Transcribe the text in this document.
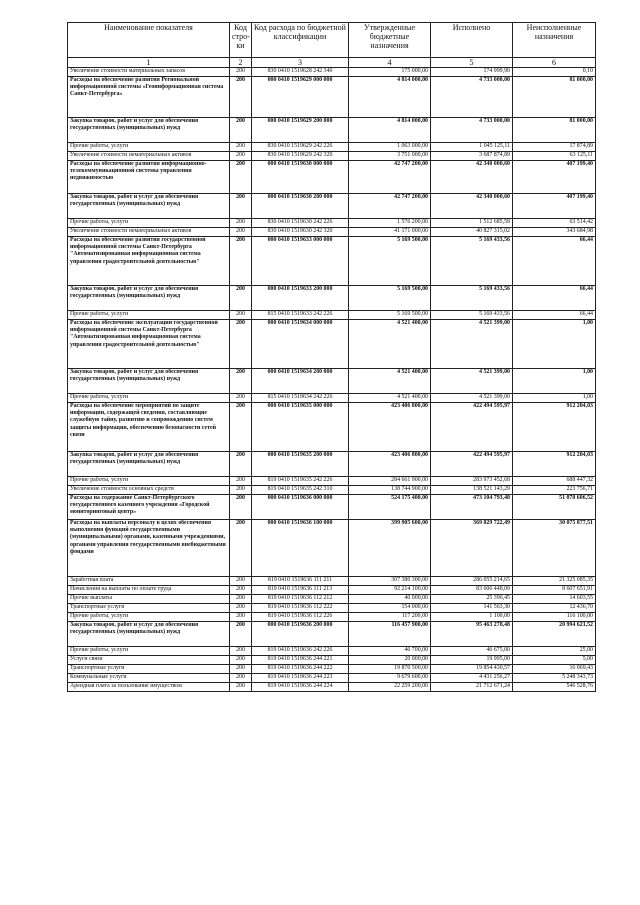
Наименование показателя	Код стро-ки	Код расхода по бюджетной классификации	Утвержденные бюджетные назначения	Исполнено	Неисполненные назначения
1	2	3	4	5	6
Увеличение стоимости материальных запасов	200	830 0410 1519628 242 340	175 000,00	174 999,90	0,10
Расходы на обеспечение развития Региональной информационной системы «Геоинформационная система Санкт-Петербурга»	200	000 0410 1519629 000 000	4 814 000,00	4 733 000,00	81 000,00
Закупка товаров, работ и услуг для обеспечения государственных (муниципальных) нужд	200	000 0410 1519629 200 000	4 814 000,00	4 733 000,00	81 000,00
Прочие работы, услуги	200	830 0410 1519629 242 226	1 063 000,00	1 045 125,11	17 874,89
Увеличение стоимости нематериальных активов	200	830 0410 1519629 242 320	3 751 000,00	3 687 874,89	63 125,11
Расходы на обеспечение развития информационно-телекоммуникационной системы управления недвижимостью	200	000 0410 1519630 000 000	42 747 200,00	42 340 000,60	407 199,40
Закупка товаров, работ и услуг для обеспечения государственных (муниципальных) нужд	200	000 0410 1519630 200 000	42 747 200,00	42 340 000,60	407 199,40
Прочие работы, услуги	200	830 0410 1519630 242 226	1 576 200,00	1 512 685,58	63 514,42
Увеличение стоимости нематериальных активов	200	830 0410 1519630 242 320	41 171 000,00	40 827 315,02	343 684,98
Расходы на обеспечение развития государственной информационной системы Санкт-Петербурга "Автоматизированная информационная система управления градостроительной деятельностью"	200	000 0410 1519633 000 000	5 169 500,00	5 169 433,56	66,44
Закупка товаров, работ и услуг для обеспечения государственных (муниципальных) нужд	200	000 0410 1519633 200 000	5 169 500,00	5 169 433,56	66,44
Прочие работы, услуги	200	815 0410 1519633 242 226	5 169 500,00	5 169 433,56	66,44
Расходы на обеспечение эксплуатации государственной информационной системы Санкт-Петербурга "Автоматизированная информационная система управления градостроительной деятельностью"	200	000 0410 1519634 000 000	4 521 400,00	4 521 399,00	1,00
Закупка товаров, работ и услуг для обеспечения государственных (муниципальных) нужд	200	000 0410 1519634 200 000	4 521 400,00	4 521 399,00	1,00
Прочие работы, услуги	200	815 0410 1519634 242 226	4 521 400,00	4 521 399,00	1,00
Расходы на обеспечение мероприятий по защите информации, содержащей сведения, составляющие служебную тайну, развитию и сопровождению систем защиты информации, обеспечению безопасности сетей связи	200	000 0410 1519635 000 000	423 406 800,00	422 494 595,97	912 204,03
Закупка товаров, работ и услуг для обеспечения государственных (муниципальных) нужд	200	000 0410 1519635 200 000	423 406 800,00	422 494 595,97	912 204,03
Прочие работы, услуги	200	819 0410 1519635 242 226	284 661 900,00	283 973 452,68	688 447,32
Увеличение стоимости основных средств	200	819 0410 1519635 242 310	138 744 900,00	138 521 143,29	223 756,71
Расходы на содержание Санкт-Петербургского государственного казенного учреждения «Городской мониторинговый центр»	200	000 0410 1519636 000 000	524 175 400,00	473 104 793,48	51 070 606,52
Расходы на выплаты персоналу в целях обеспечения выполнения функций государственными (муниципальными) органами, казенными учреждениями, органами управления государственными внебюджетными фондами	200	000 0410 1519636 100 000	399 905 600,00	369 829 722,49	30 075 877,51
Заработная плата	200	819 0410 1519636 111 211	307 380 300,00	286 055 214,65	21 325 085,35
Начисления на выплаты по оплате труда	200	819 0410 1519636 111 213	92 214 100,00	83 606 448,09	8 607 651,91
Прочие выплаты	200	819 0410 1519636 112 212	40 000,00	25 396,45	14 603,55
Транспортные услуги	200	819 0410 1519636 112 222	154 000,00	141 563,30	12 436,70
Прочие работы, услуги	200	819 0410 1519636 112 226	117 200,00	1 100,00	116 100,00
Закупка товаров, работ и услуг для обеспечения государственных (муниципальных) нужд	200	000 0410 1519636 200 000	116 457 900,00	95 463 278,48	20 994 621,52
Прочие работы, услуги	200	819 0410 1519636 242 226	46 700,00	46 675,00	25,00
Услуги связи	200	819 0410 1519636 244 221	20 000,00	19 995,00	5,00
Транспортные услуги	200	819 0410 1519636 244 222	19 870 500,00	19 854 430,57	16 069,43
Коммунальные услуги	200	819 0410 1519636 244 223	9 679 600,00	4 431 256,27	5 248 343,73
Арендная плата за пользование имуществом	200	819 0410 1519636 244 224	22 259 200,00	21 712 671,24	546 528,76
